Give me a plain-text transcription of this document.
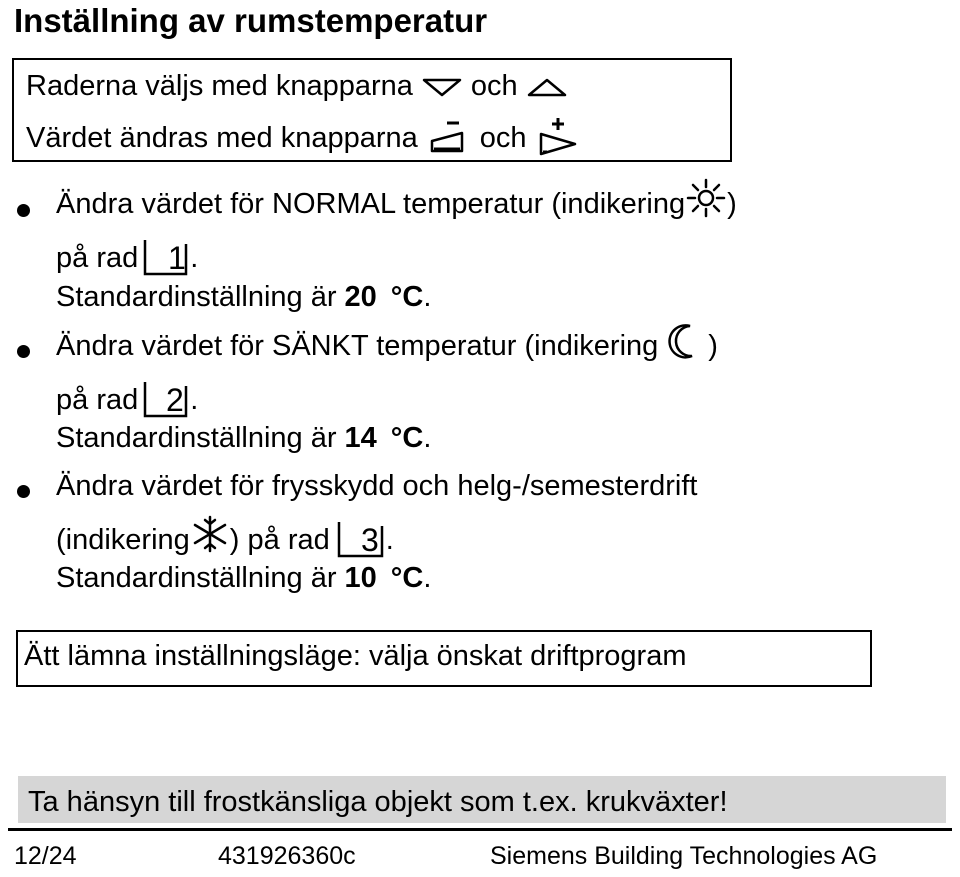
Inställning av rumstemperatur
Raderna väljs med knapparna och
Värdet ändras med knapparna och
Ändra värdet för NORMAL temperatur (indikering )
på rad 1 .
Standardinställning är 20 °C .
Ändra värdet för SÄNKT temperatur (indikering )
på rad 2 .
Standardinställning är 14 °C .
Ändra värdet för frysskydd och helg-/semesterdrift
(indikering ) på rad 3 .
Standardinställning är 10 °C .
Ätt lämna inställningsläge: välja önskat driftprogram
Ta hänsyn till frostkänsliga objekt som t.ex. krukväxter!
12/24	431926360c	Siemens Building Technologies AG
